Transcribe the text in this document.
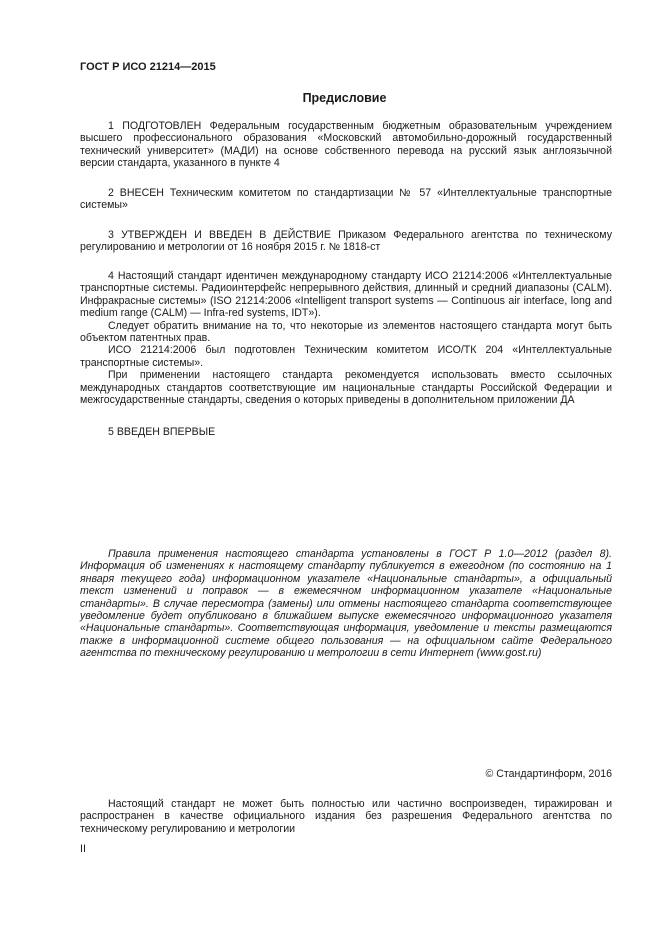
ГОСТ Р ИСО 21214—2015
Предисловие

1 ПОДГОТОВЛЕН Федеральным государственным бюджетным образовательным учреждением высшего профессионального образования «Московский автомобильно-дорожный государственный технический университет» (МАДИ) на основе собственного перевода на русский язык англоязычной версии стандарта, указанного в пункте 4

2 ВНЕСЕН Техническим комитетом по стандартизации № 57 «Интеллектуальные транспортные системы»

3 УТВЕРЖДЕН И ВВЕДЕН В ДЕЙСТВИЕ Приказом Федерального агентства по техническому регулированию и метрологии от 16 ноября 2015 г. № 1818-ст

4 Настоящий стандарт идентичен международному стандарту ИСО 21214:2006 «Интеллектуальные транспортные системы. Радиоинтерфейс непрерывного действия, длинный и средний диапазоны (CALM). Инфракрасные системы» (ISO 21214:2006 «Intelligent transport systems — Continuous air interface, long and medium range (CALM) — Infra-red systems, IDT»).

Следует обратить внимание на то, что некоторые из элементов настоящего стандарта могут быть объектом патентных прав.

ИСО 21214:2006 был подготовлен Техническим комитетом ИСО/ТК 204 «Интеллектуальные транспортные системы».

При применении настоящего стандарта рекомендуется использовать вместо ссылочных международных стандартов соответствующие им национальные стандарты Российской Федерации и межгосударственные стандарты, сведения о которых приведены в дополнительном приложении ДА

5 ВВЕДЕН ВПЕРВЫЕ

Правила применения настоящего стандарта установлены в ГОСТ Р 1.0—2012 (раздел 8). Информация об изменениях к настоящему стандарту публикуется в ежегодном (по состоянию на 1 января текущего года) информационном указателе «Национальные стандарты», а официальный текст изменений и поправок — в ежемесячном информационном указателе «Национальные стандарты». В случае пересмотра (замены) или отмены настоящего стандарта соответствующее уведомление будет опубликовано в ближайшем выпуске ежемесячного информационного указателя «Национальные стандарты». Соответствующая информация, уведомление и тексты размещаются также в информационной системе общего пользования — на официальном сайте Федерального агентства по техническому регулированию и метрологии в сети Интернет (www.gost.ru)

© Стандартинформ, 2016

Настоящий стандарт не может быть полностью или частично воспроизведен, тиражирован и распространен в качестве официального издания без разрешения Федерального агентства по техническому регулированию и метрологии

II
